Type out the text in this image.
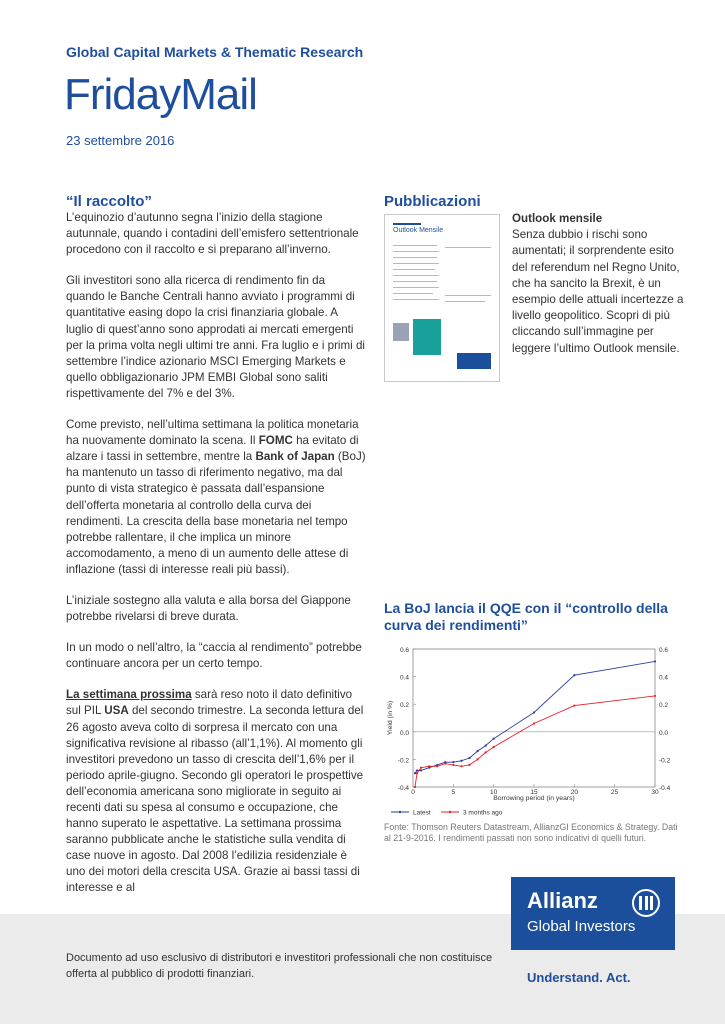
Global Capital Markets & Thematic Research
FridayMail
23 settembre 2016
“Il raccolto”

L’equinozio d’autunno segna l’inizio della stagione autunnale, quando i contadini dell’emisfero settentrionale procedono con il raccolto e si preparano all’inverno.

Gli investitori sono alla ricerca di rendimento fin da quando le Banche Centrali hanno avviato i programmi di quantitative easing dopo la crisi finanziaria globale. A luglio di quest’anno sono approdati ai mercati emergenti per la prima volta negli ultimi tre anni. Fra luglio e i primi di settembre l’indice azionario MSCI Emerging Markets e quello obbligazionario JPM EMBI Global sono saliti rispettivamente del 7% e del 3%.

Come previsto, nell’ultima settimana la politica monetaria ha nuovamente dominato la scena. Il FOMC ha evitato di alzare i tassi in settembre, mentre la Bank of Japan (BoJ) ha mantenuto un tasso di riferimento negativo, ma dal punto di vista strategico è passata dall’espansione dell’offerta monetaria al controllo della curva dei rendimenti. La crescita della base monetaria nel tempo potrebbe rallentare, il che implica un minore accomodamento, a meno di un aumento delle attese di inflazione (tassi di interesse reali più bassi).

L’iniziale sostegno alla valuta e alla borsa del Giappone potrebbe rivelarsi di breve durata.

In un modo o nell’altro, la “caccia al rendimento” potrebbe continuare ancora per un certo tempo.

La settimana prossima sarà reso noto il dato definitivo sul PIL USA del secondo trimestre. La seconda lettura del 26 agosto aveva colto di sorpresa il mercato con una significativa revisione al ribasso (all’1,1%). Al momento gli investitori prevedono un tasso di crescita dell’1,6% per il periodo aprile-giugno. Secondo gli operatori le prospettive dell’economia americana sono migliorate in seguito ai recenti dati su spesa al consumo e occupazione, che hanno superato le aspettative. La settimana prossima saranno pubblicate anche le statistiche sulla vendita di case nuove in agosto. Dal 2008 l’edilizia residenziale è uno dei motori della crescita USA. Grazie ai bassi tassi di interesse e al

Pubblicazioni
Outlook Mensile
Outlook mensile
Senza dubbio i rischi sono aumentati; il sorprendente esito del referendum nel Regno Unito, che ha sancito la Brexit, è un esempio delle attuali incertezze a livello geopolitico. Scopri di più cliccando sull’immagine per leggere l’ultimo Outlook mensile.
La BoJ lancia il QQE con il “controllo della curva dei rendimenti”
-0.4	-0.4
-0.2	-0.2
0.0	0.0
0.2	0.2
0.4	0.4
0.6	0.6
0	5	10	15	20	25	30
Borrowing period (in years)
Yield (in %)
Latest	3 months ago
Fonte: Thomson Reuters Datastream, AllianzGI Economics & Strategy. Dati al 21-9-2016. I rendimenti passati non sono indicativi di quelli futuri.
Documento ad uso esclusivo di distributori e investitori professionali che non costituisce offerta al pubblico di prodotti finanziari.
Allianz
Global Investors
Understand. Act.
